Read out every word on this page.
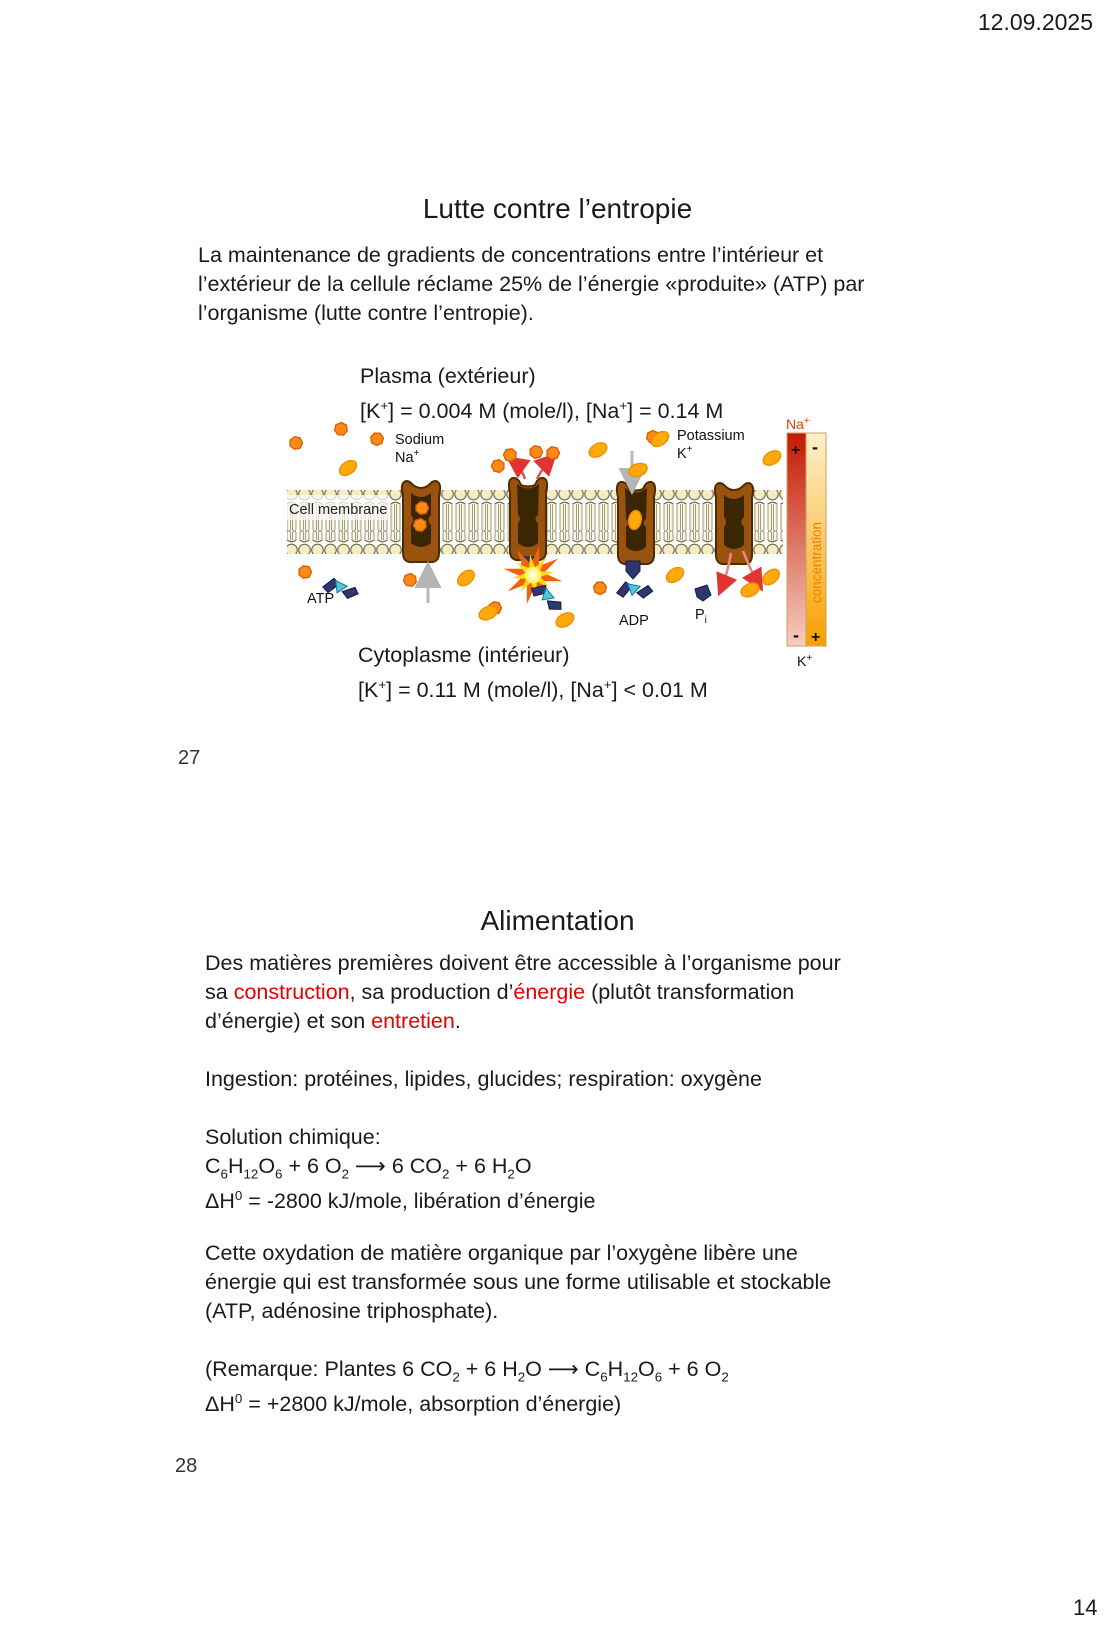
12.09.2025
Lutte contre l’entropie
La maintenance de gradients de concentrations entre l’intérieur et
l’extérieur de la cellule réclame 25% de l’énergie «produite» (ATP) par
l’organisme (lutte contre l’entropie).
Plasma (extérieur)
[K+] = 0.004 M (mole/l), [Na+] = 0.14 M
Cell membrane
Sodium
Na+
Potassium
K+
ATP
ADP	$P_i$
Na+
+ -
- +
concentration
K+
Cytoplasme (intérieur)
[K+] = 0.11 M (mole/l), [Na+] < 0.01 M
27
Alimentation
Des matières premières doivent être accessible à l’organisme pour
sa construction, sa production d’énergie (plutôt transformation
d’énergie) et son entretien.
Ingestion: protéines, lipides, glucides; respiration: oxygène
Solution chimique:
$C_6H_{12}O_6 + 6$ $O_2$ ⟶ 6 $CO_2 + 6$ $H_2O$
$\Delta H^0 = -2800$ kJ/mole, libération d’énergie
Cette oxydation de matière organique par l’oxygène libère une
énergie qui est transformée sous une forme utilisable et stockable
(ATP, adénosine triphosphate).
(Remarque: Plantes 6 $CO_2 + 6$ $H_2O$ ⟶ $C_6H_{12}O_6 + 6$ $O_2$
$\Delta H^0 = +2800$ kJ/mole, absorption d’énergie)
28
14
